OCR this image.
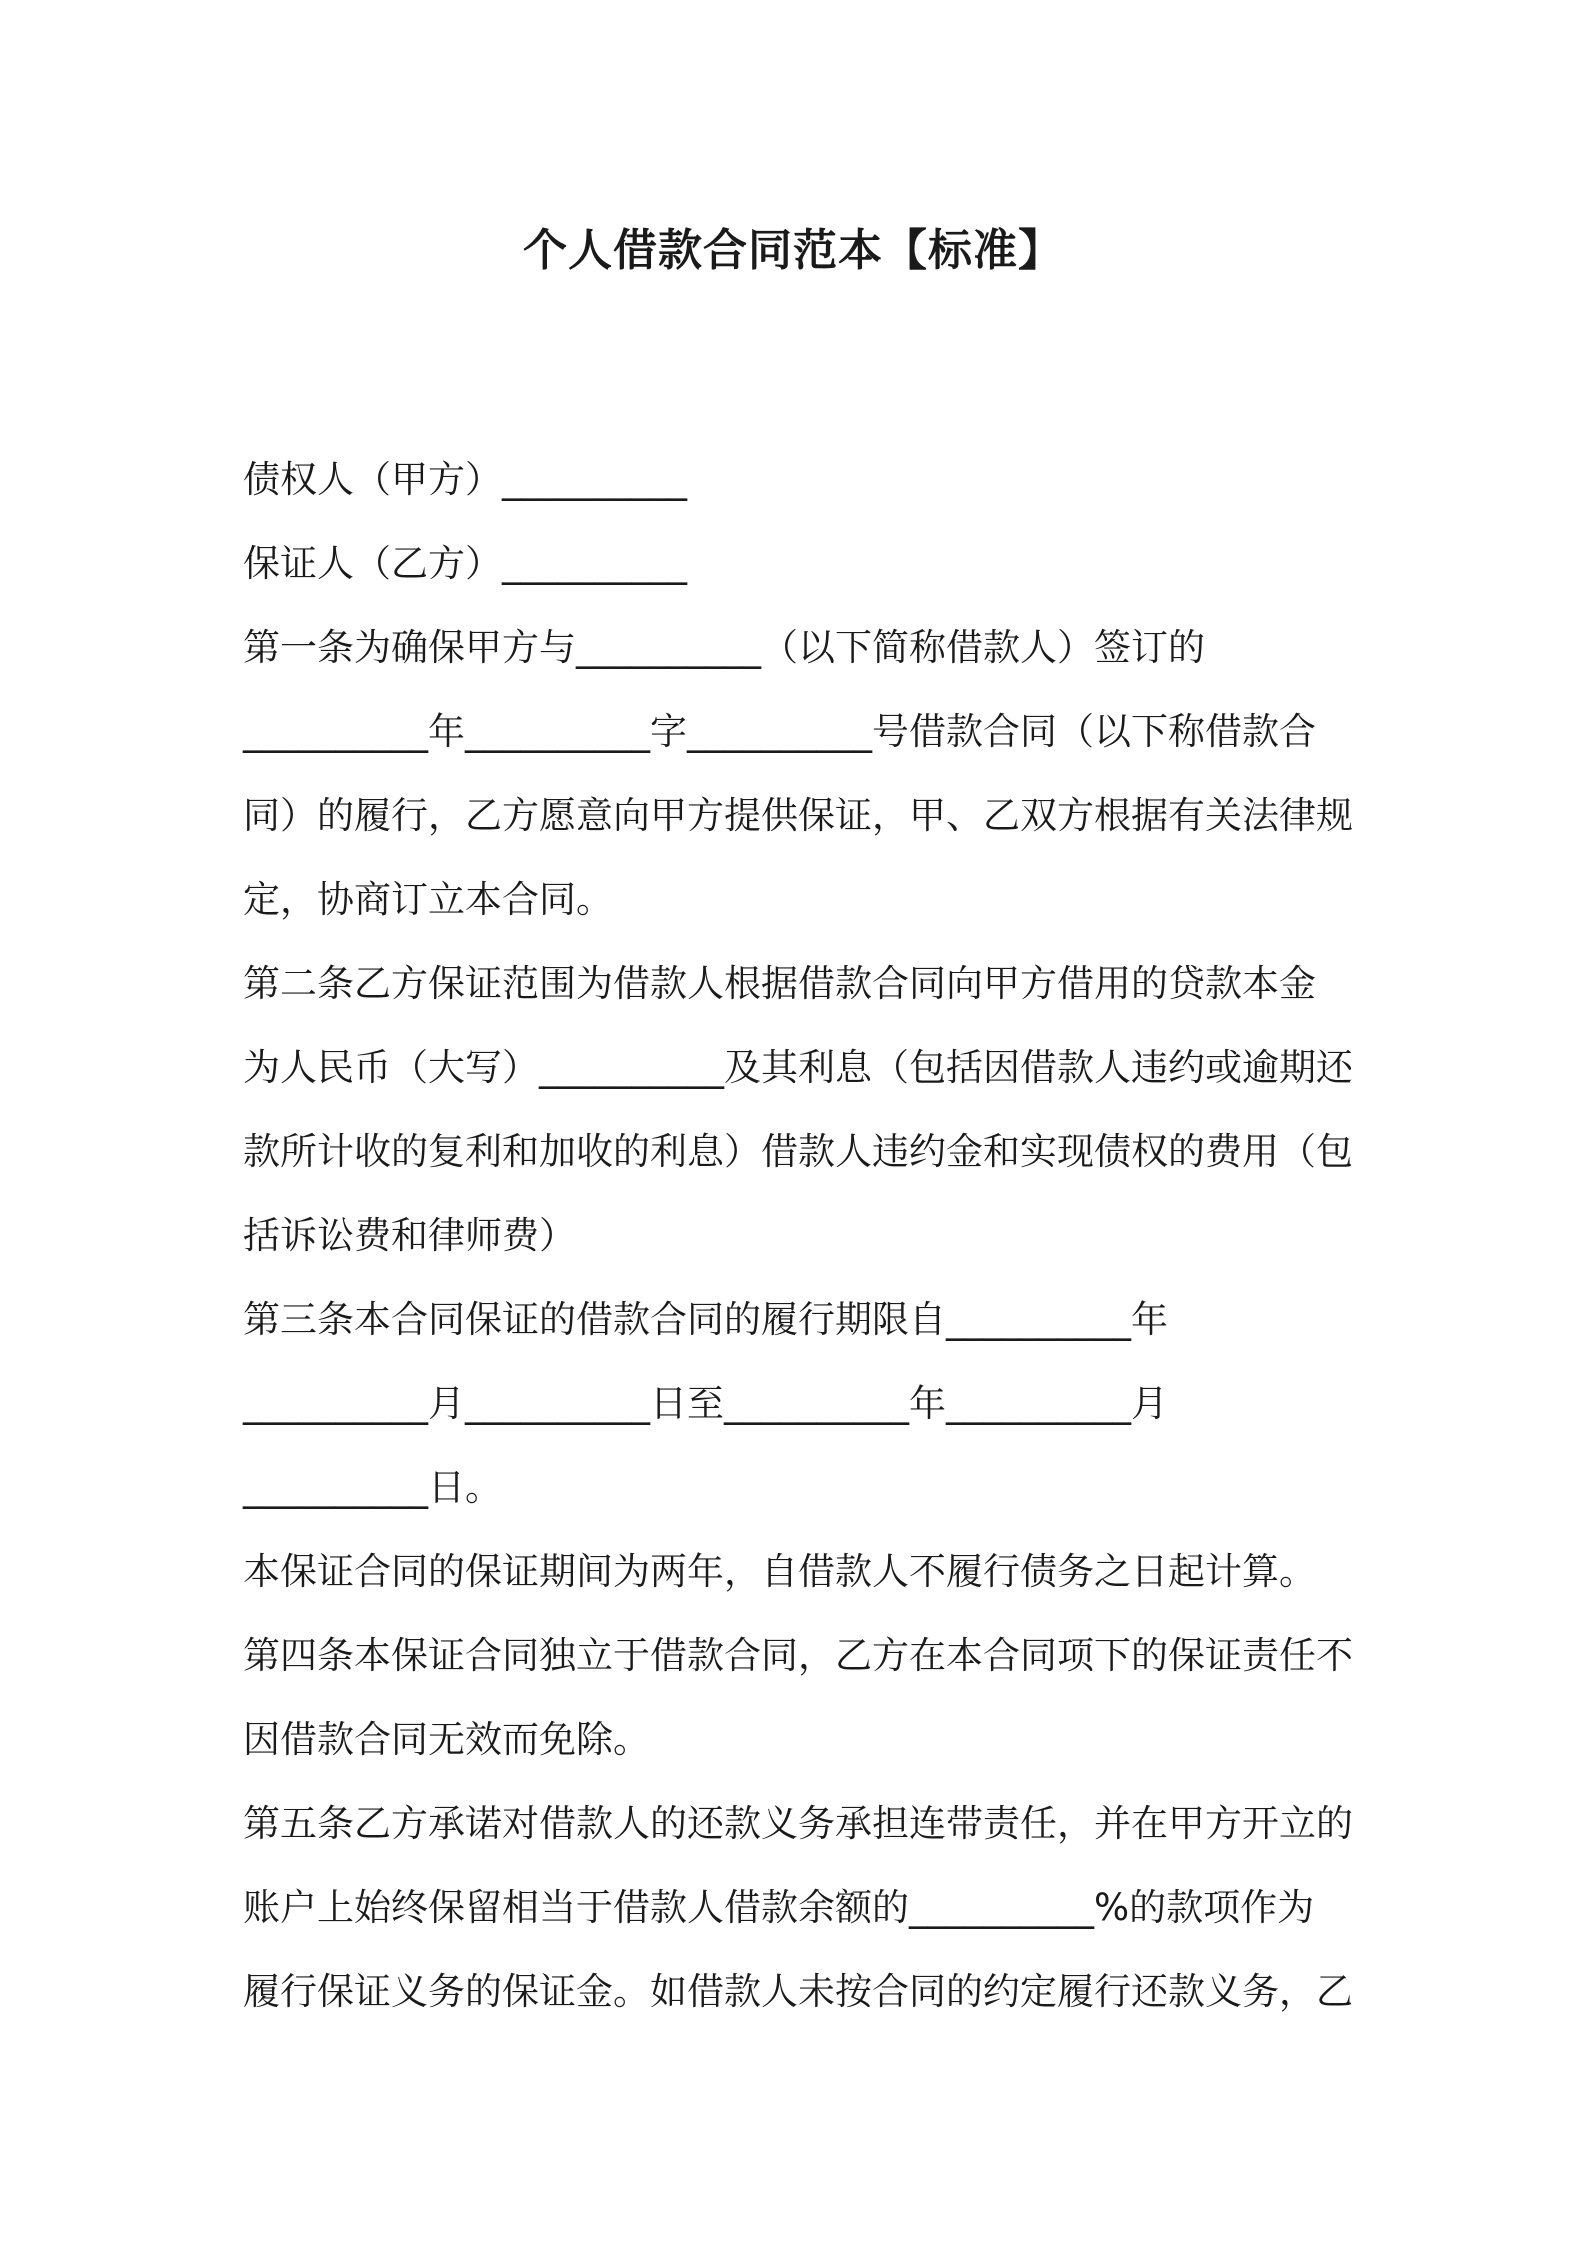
个人借款合同范本【标准】
债权人（甲方）__________
保证人（乙方）__________
第一条为确保甲方与__________（以下简称借款人）签订的
__________年__________字__________号借款合同（以下称借款合
同）的履行，乙方愿意向甲方提供保证，甲、乙双方根据有关法律规
定，协商订立本合同。
第二条乙方保证范围为借款人根据借款合同向甲方借用的贷款本金
为人民币（大写）__________及其利息（包括因借款人违约或逾期还
款所计收的复利和加收的利息）借款人违约金和实现债权的费用（包
括诉讼费和律师费）
第三条本合同保证的借款合同的履行期限自__________年
__________月__________日至__________年__________月
__________日。
本保证合同的保证期间为两年，自借款人不履行债务之日起计算。
第四条本保证合同独立于借款合同，乙方在本合同项下的保证责任不
因借款合同无效而免除。
第五条乙方承诺对借款人的还款义务承担连带责任，并在甲方开立的
账户上始终保留相当于借款人借款余额的__________%的款项作为
履行保证义务的保证金。如借款人未按合同的约定履行还款义务，乙
